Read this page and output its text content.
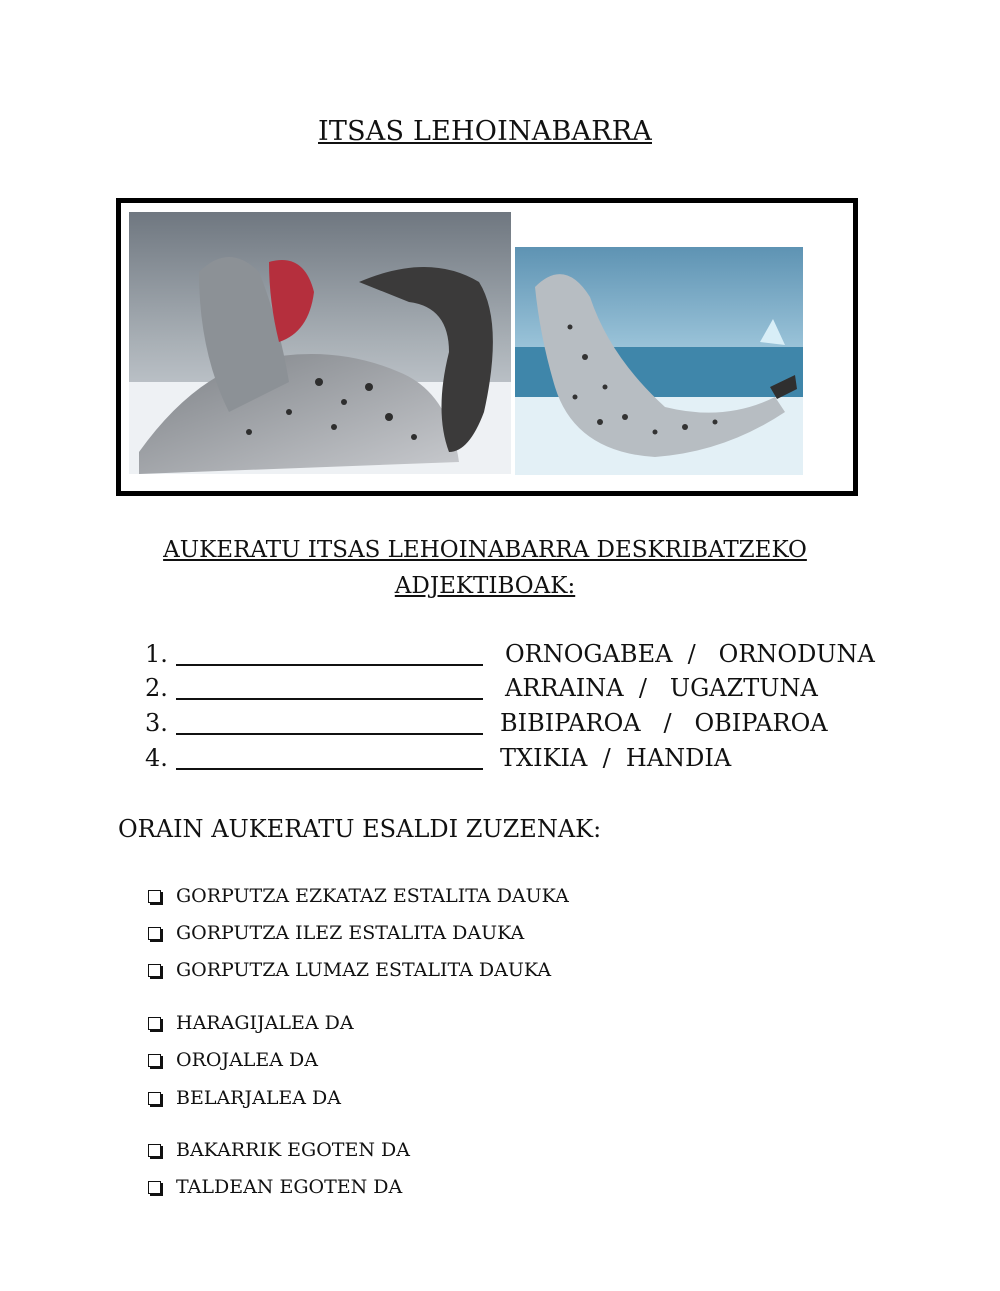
ITSAS LEHOINABARRA
AUKERATU ITSAS LEHOINABARRA DESKRIBATZEKO
ADJEKTIBOAK:
1.	ORNOGABEA  /   ORNODUNA
2.	ARRAINA  /   UGAZTUNA
3.	BIBIPAROA   /   OBIPAROA
4.	TXIKIA  /  HANDIA
ORAIN AUKERATU ESALDI ZUZENAK:
GORPUTZA EZKATAZ ESTALITA DAUKA
GORPUTZA ILEZ ESTALITA DAUKA
GORPUTZA LUMAZ ESTALITA DAUKA
HARAGIJALEA DA
OROJALEA DA
BELARJALEA DA
BAKARRIK EGOTEN DA
TALDEAN EGOTEN DA
